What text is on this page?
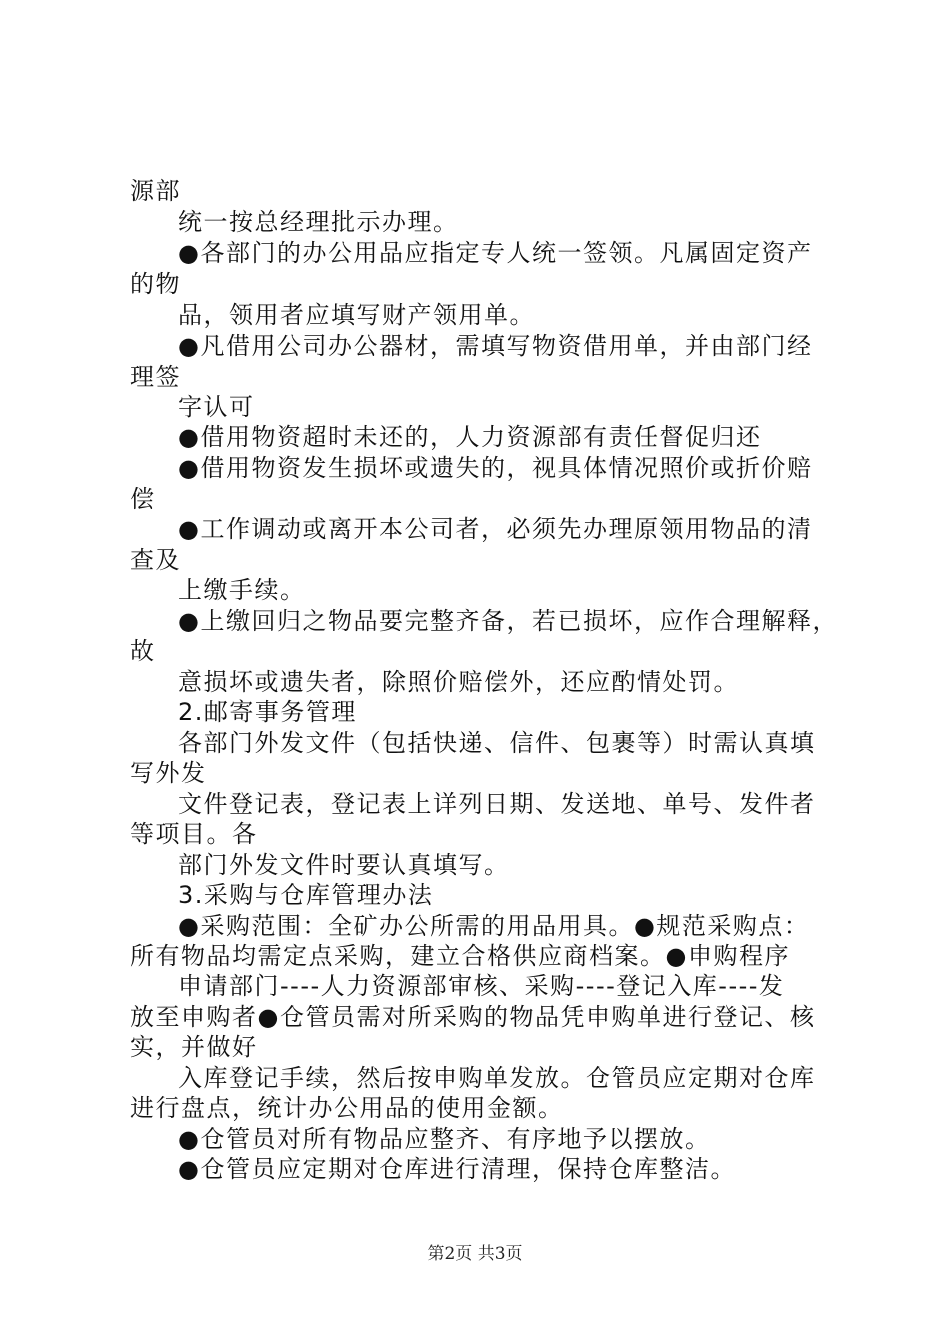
源部
统一按总经理批示办理。
●各部门的办公用品应指定专人统一签领。凡属固定资产
的物
品，领用者应填写财产领用单。
●凡借用公司办公器材，需填写物资借用单，并由部门经
理签
字认可
●借用物资超时未还的，人力资源部有责任督促归还
●借用物资发生损坏或遗失的，视具体情况照价或折价赔
偿
●工作调动或离开本公司者，必须先办理原领用物品的清
查及
上缴手续。
●上缴回归之物品要完整齐备，若已损坏，应作合理解释，
故
意损坏或遗失者，除照价赔偿外，还应酌情处罚。
2.邮寄事务管理
各部门外发文件（包括快递、信件、包裹等）时需认真填
写外发
文件登记表，登记表上详列日期、发送地、单号、发件者
等项目。各
部门外发文件时要认真填写。
3.采购与仓库管理办法
●采购范围：全矿办公所需的用品用具。●规范采购点：
所有物品均需定点采购，建立合格供应商档案。●申购程序
申请部门----人力资源部审核、采购----登记入库----发
放至申购者●仓管员需对所采购的物品凭申购单进行登记、核
实，并做好
入库登记手续，然后按申购单发放。仓管员应定期对仓库
进行盘点，统计办公用品的使用金额。
●仓管员对所有物品应整齐、有序地予以摆放。
●仓管员应定期对仓库进行清理，保持仓库整洁。
第2页 共3页
